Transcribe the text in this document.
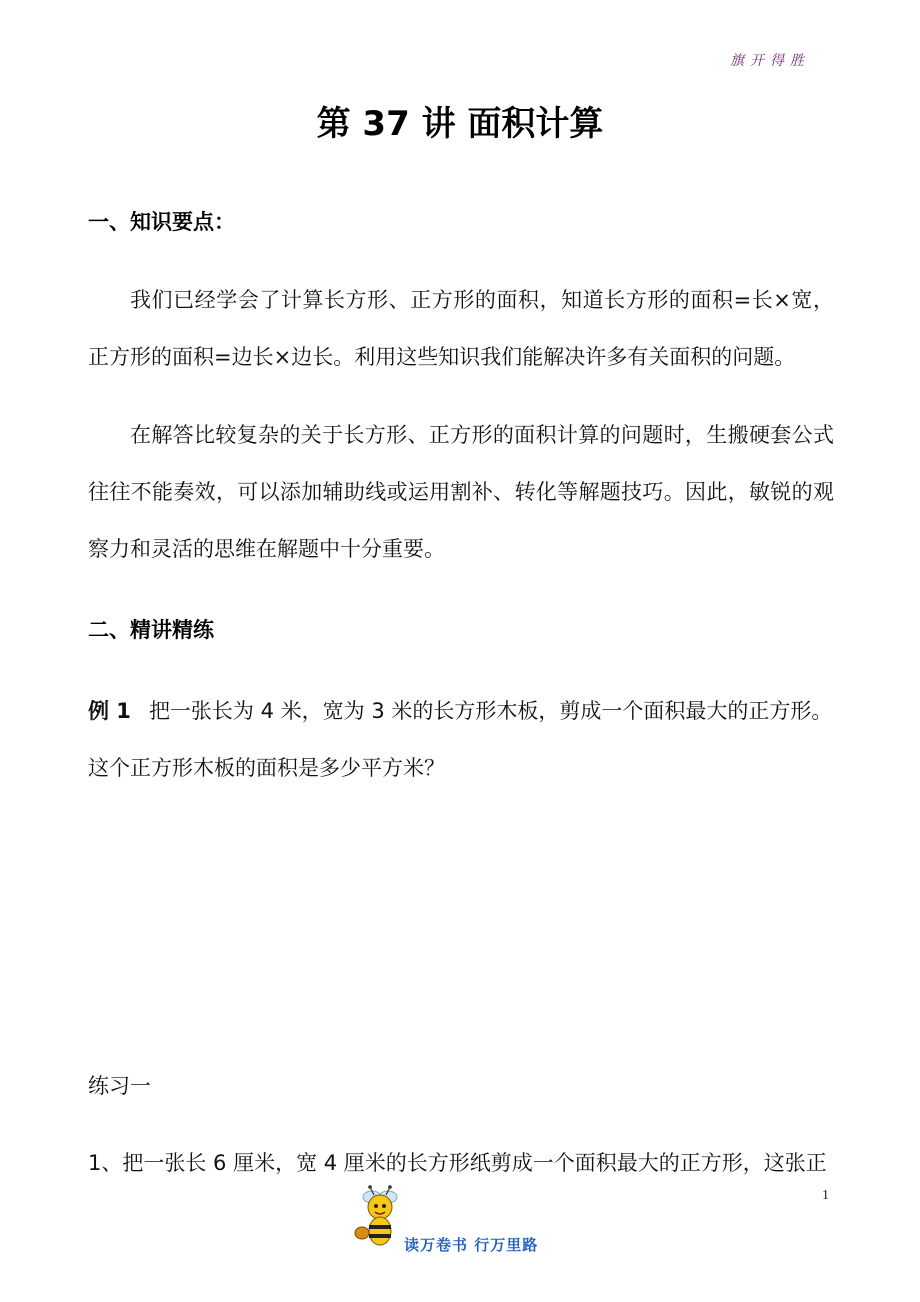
旗开得胜
第 37 讲 面积计算
一、知识要点：
我们已经学会了计算长方形、正方形的面积，知道长方形的面积=长×宽，正方形的面积=边长×边长。利用这些知识我们能解决许多有关面积的问题。
在解答比较复杂的关于长方形、正方形的面积计算的问题时，生搬硬套公式往往不能奏效，可以添加辅助线或运用割补、转化等解题技巧。因此，敏锐的观察力和灵活的思维在解题中十分重要。
二、精讲精练
例 1 把一张长为 4 米，宽为 3 米的长方形木板，剪成一个面积最大的正方形。这个正方形木板的面积是多少平方米？
练习一
1、把一张长 6 厘米，宽 4 厘米的长方形纸剪成一个面积最大的正方形，这张正
1
读万卷书 行万里路
